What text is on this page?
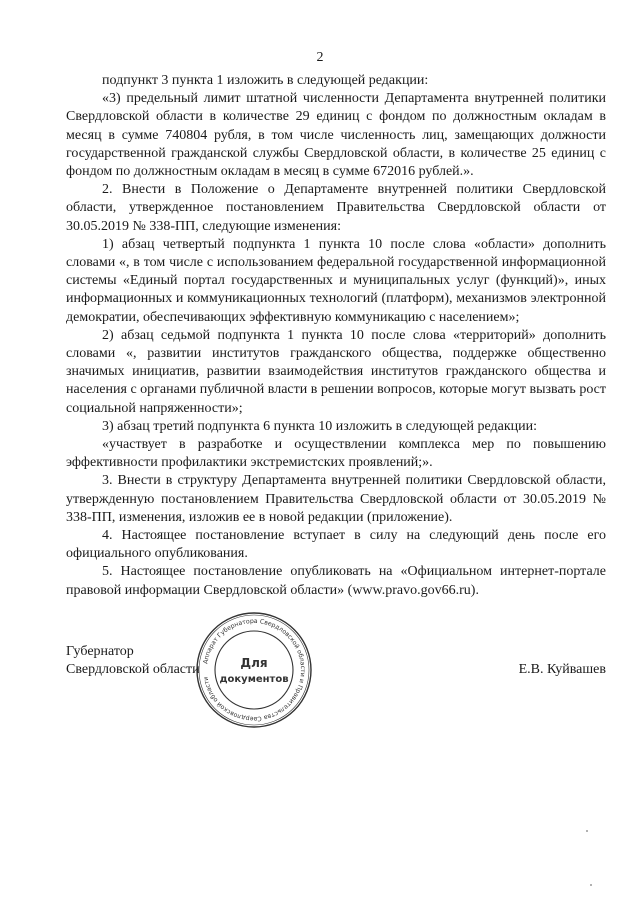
2

подпункт 3 пункта 1 изложить в следующей редакции:

«3) предельный лимит штатной численности Департамента внутренней политики Свердловской области в количестве 29 единиц с фондом по должностным окладам в месяц в сумме 740804 рубля, в том числе численность лиц, замещающих должности государственной гражданской службы Свердловской области, в количестве 25 единиц с фондом по должностным окладам в месяц в сумме 672016 рублей.».

2. Внести в Положение о Департаменте внутренней политики Свердловской области, утвержденное постановлением Правительства Свердловской области от 30.05.2019 № 338-ПП, следующие изменения:

1) абзац четвертый подпункта 1 пункта 10 после слова «области» дополнить словами «, в том числе с использованием федеральной государственной информационной системы «Единый портал государственных и муниципальных услуг (функций)», иных информационных и коммуникационных технологий (платформ), механизмов электронной демократии, обеспечивающих эффективную коммуникацию с населением»;

2) абзац седьмой подпункта 1 пункта 10 после слова «территорий» дополнить словами «, развитии институтов гражданского общества, поддержке общественно значимых инициатив, развитии взаимодействия институтов гражданского общества и населения с органами публичной власти в решении вопросов, которые могут вызвать рост социальной напряженности»;

3) абзац третий подпункта 6 пункта 10 изложить в следующей редакции:

«участвует в разработке и осуществлении комплекса мер по повышению эффективности профилактики экстремистских проявлений;».

3. Внести в структуру Департамента внутренней политики Свердловской области, утвержденную постановлением Правительства Свердловской области от 30.05.2019 № 338-ПП, изменения, изложив ее в новой редакции (приложение).

4. Настоящее постановление вступает в силу на следующий день после его официального опубликования.

5. Настоящее постановление опубликовать на «Официальном интернет-портале правовой информации Свердловской области» (www.pravo.gov66.ru).

Губернатор
Свердловской области	Е.В. Куйвашев
Аппарат Губернатора Свердловской области и Правительства Свердловской области
Для
документов
